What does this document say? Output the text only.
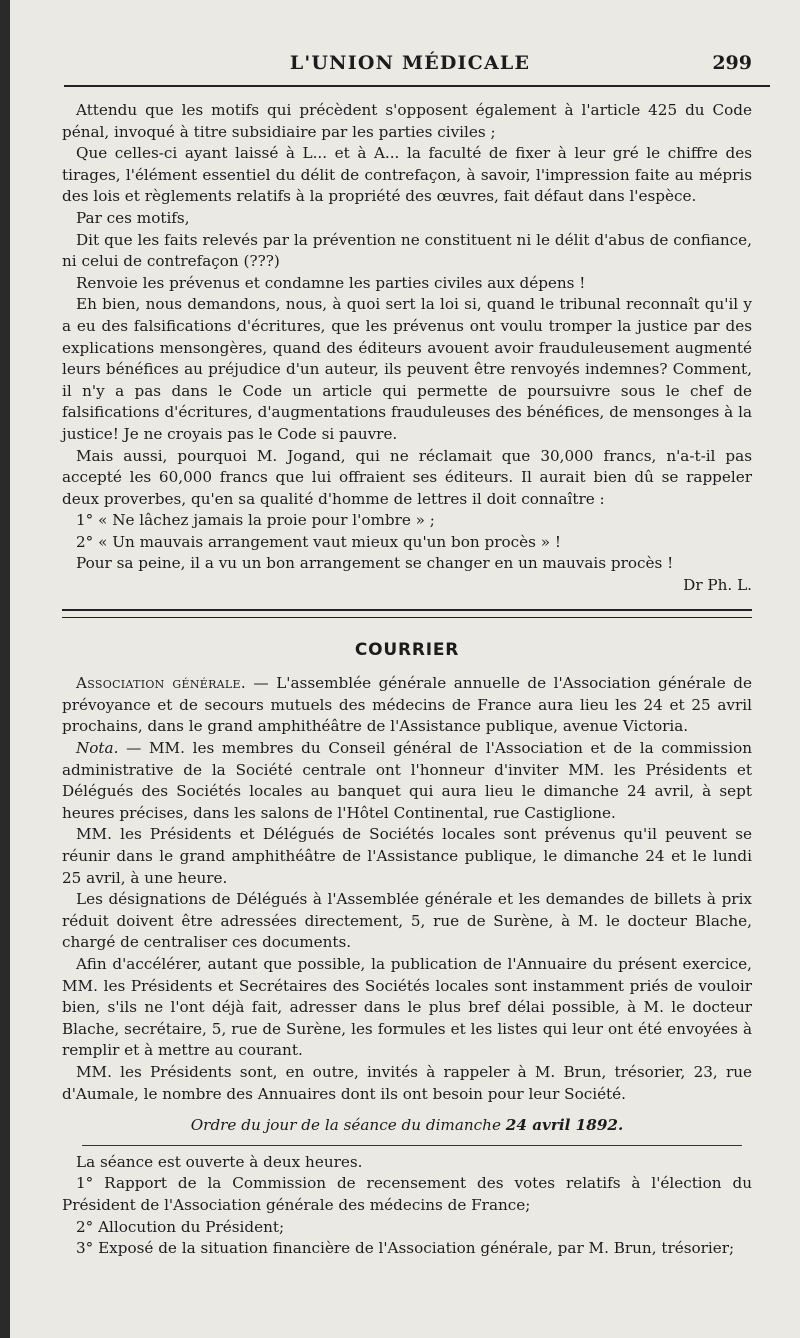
L'UNION MÉDICALE	299

Attendu que les motifs qui précèdent s'opposent également à l'article 425 du Code pénal, invoqué à titre subsidiaire par les parties civiles ;

Que celles-ci ayant laissé à L... et à A... la faculté de fixer à leur gré le chiffre des tirages, l'élément essentiel du délit de contrefaçon, à savoir, l'impression faite au mépris des lois et règlements relatifs à la propriété des œuvres, fait défaut dans l'espèce.

Par ces motifs,

Dit que les faits relevés par la prévention ne constituent ni le délit d'abus de confiance, ni celui de contrefaçon (???)

Renvoie les prévenus et condamne les parties civiles aux dépens !

Eh bien, nous demandons, nous, à quoi sert la loi si, quand le tribunal reconnaît qu'il y a eu des falsifications d'écritures, que les prévenus ont voulu tromper la justice par des explications mensongères, quand des éditeurs avouent avoir frauduleusement augmenté leurs bénéfices au préjudice d'un auteur, ils peuvent être renvoyés indemnes? Comment, il n'y a pas dans le Code un article qui permette de poursuivre sous le chef de falsifications d'écritures, d'augmentations frauduleuses des bénéfices, de mensonges à la justice! Je ne croyais pas le Code si pauvre.

Mais aussi, pourquoi M. Jogand, qui ne réclamait que 30,000 francs, n'a-t-il pas accepté les 60,000 francs que lui offraient ses éditeurs. Il aurait bien dû se rappeler deux proverbes, qu'en sa qualité d'homme de lettres il doit connaître :

1° « Ne lâchez jamais la proie pour l'ombre » ;

2° « Un mauvais arrangement vaut mieux qu'un bon procès » !

Pour sa peine, il a vu un bon arrangement se changer en un mauvais procès !

Dr Ph. L.

COURRIER

Association générale. — L'assemblée générale annuelle de l'Association générale de prévoyance et de secours mutuels des médecins de France aura lieu les 24 et 25 avril prochains, dans le grand amphithéâtre de l'Assistance publique, avenue Victoria.

Nota. — MM. les membres du Conseil général de l'Association et de la commission administrative de la Société centrale ont l'honneur d'inviter MM. les Présidents et Délégués des Sociétés locales au banquet qui aura lieu le dimanche 24 avril, à sept heures précises, dans les salons de l'Hôtel Continental, rue Castiglione.

MM. les Présidents et Délégués de Sociétés locales sont prévenus qu'il peuvent se réunir dans le grand amphithéâtre de l'Assistance publique, le dimanche 24 et le lundi 25 avril, à une heure.

Les désignations de Délégués à l'Assemblée générale et les demandes de billets à prix réduit doivent être adressées directement, 5, rue de Surène, à M. le docteur Blache, chargé de centraliser ces documents.

Afin d'accélérer, autant que possible, la publication de l'Annuaire du présent exercice, MM. les Présidents et Secrétaires des Sociétés locales sont instamment priés de vouloir bien, s'ils ne l'ont déjà fait, adresser dans le plus bref délai possible, à M. le docteur Blache, secrétaire, 5, rue de Surène, les formules et les listes qui leur ont été envoyées à remplir et à mettre au courant.

MM. les Présidents sont, en outre, invités à rappeler à M. Brun, trésorier, 23, rue d'Aumale, le nombre des Annuaires dont ils ont besoin pour leur Société.

Ordre du jour de la séance du dimanche 24 avril 1892.

La séance est ouverte à deux heures.

1° Rapport de la Commission de recensement des votes relatifs à l'élection du Président de l'Association générale des médecins de France;

2° Allocution du Président;

3° Exposé de la situation financière de l'Association générale, par M. Brun, trésorier;
